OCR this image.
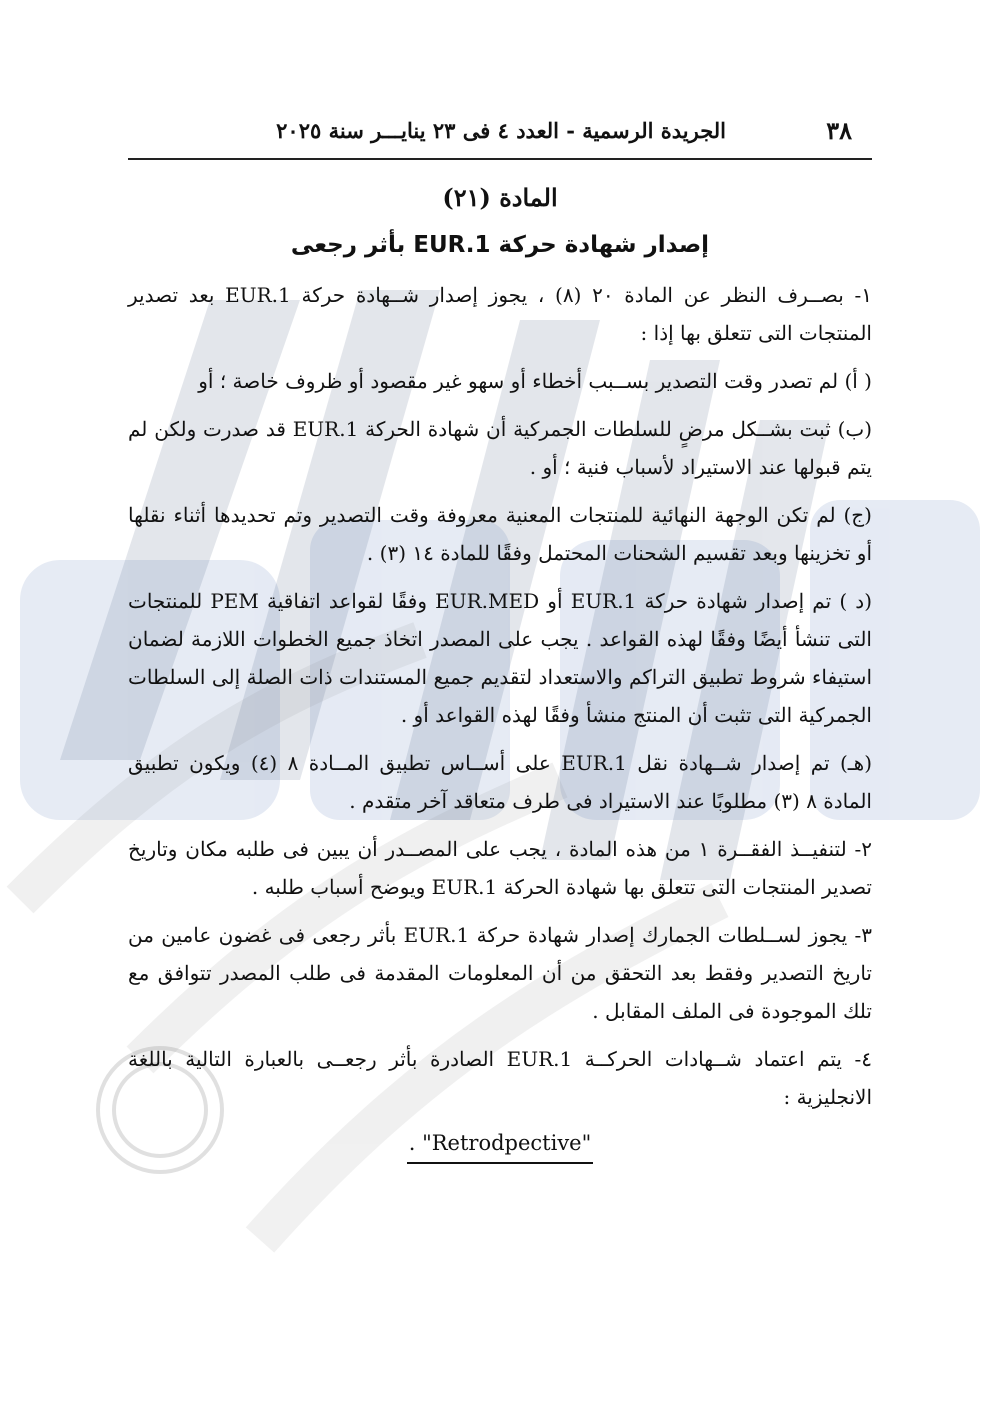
٣٨
الجريدة الرسمية - العدد ٤ فى ٢٣ ينايـــر سنة ٢٠٢٥
المادة (٢١)
إصدار شهادة حركة EUR.1 بأثر رجعى

١- بصــرف النظر عن المادة ٢٠ (٨) ، يجوز إصدار شــهادة حركة EUR.1 بعد تصدير المنتجات التى تتعلق بها إذا :

( أ) لم تصدر وقت التصدير بســبب أخطاء أو سهو غير مقصود أو ظروف خاصة ؛ أو

(ب) ثبت بشــكل مرضٍ للسلطات الجمركية أن شهادة الحركة EUR.1 قد صدرت ولكن لم يتم قبولها عند الاستيراد لأسباب فنية ؛ أو .

(ج) لم تكن الوجهة النهائية للمنتجات المعنية معروفة وقت التصدير وتم تحديدها أثناء نقلها أو تخزينها وبعد تقسيم الشحنات المحتمل وفقًا للمادة ١٤ (٣) .

(د ) تم إصدار شهادة حركة EUR.1 أو EUR.MED وفقًا لقواعد اتفاقية PEM للمنتجات التى تنشأ أيضًا وفقًا لهذه القواعد . يجب على المصدر اتخاذ جميع الخطوات اللازمة لضمان استيفاء شروط تطبيق التراكم والاستعداد لتقديم جميع المستندات ذات الصلة إلى السلطات الجمركية التى تثبت أن المنتج منشأ وفقًا لهذه القواعد أو .

(هـ) تم إصدار شــهادة نقل EUR.1 على أســاس تطبيق المــادة ٨ (٤) ويكون تطبيق المادة ٨ (٣) مطلوبًا عند الاستيراد فى طرف متعاقد آخر متقدم .

٢- لتنفيــذ الفقــرة ١ من هذه المادة ، يجب على المصــدر أن يبين فى طلبه مكان وتاريخ تصدير المنتجات التى تتعلق بها شهادة الحركة EUR.1 ويوضح أسباب طلبه .

٣- يجوز لســلطات الجمارك إصدار شهادة حركة EUR.1 بأثر رجعى فى غضون عامين من تاريخ التصدير وفقط بعد التحقق من أن المعلومات المقدمة فى طلب المصدر تتوافق مع تلك الموجودة فى الملف المقابل .

٤- يتم اعتماد شــهادات الحركــة EUR.1 الصادرة بأثر رجعــى بالعبارة التالية باللغة الانجليزية :

. "Retrodpective"
